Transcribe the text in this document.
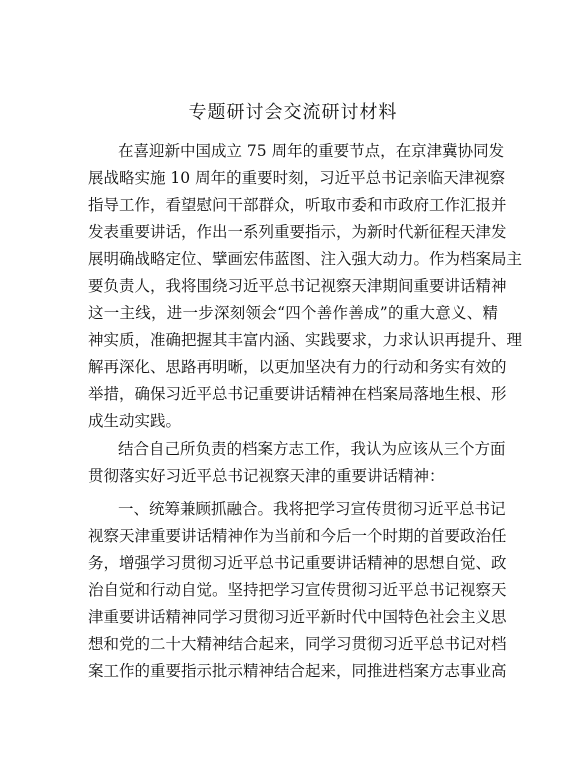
专题研讨会交流研讨材料
在喜迎新中国成立 75 周年的重要节点，在京津冀协同发
展战略实施 10 周年的重要时刻，习近平总书记亲临天津视察
指导工作，看望慰问干部群众，听取市委和市政府工作汇报并
发表重要讲话，作出一系列重要指示，为新时代新征程天津发
展明确战略定位、擘画宏伟蓝图、注入强大动力。作为档案局主
要负责人，我将围绕习近平总书记视察天津期间重要讲话精神
这一主线，进一步深刻领会“四个善作善成”的重大意义、精
神实质，准确把握其丰富内涵、实践要求，力求认识再提升、理
解再深化、思路再明晰，以更加坚决有力的行动和务实有效的
举措，确保习近平总书记重要讲话精神在档案局落地生根、形
成生动实践。
结合自己所负责的档案方志工作，我认为应该从三个方面
贯彻落实好习近平总书记视察天津的重要讲话精神：
一、统筹兼顾抓融合。我将把学习宣传贯彻习近平总书记
视察天津重要讲话精神作为当前和今后一个时期的首要政治任
务，增强学习贯彻习近平总书记重要讲话精神的思想自觉、政
治自觉和行动自觉。坚持把学习宣传贯彻习近平总书记视察天
津重要讲话精神同学习贯彻习近平新时代中国特色社会主义思
想和党的二十大精神结合起来，同学习贯彻习近平总书记对档
案工作的重要指示批示精神结合起来，同推进档案方志事业高
